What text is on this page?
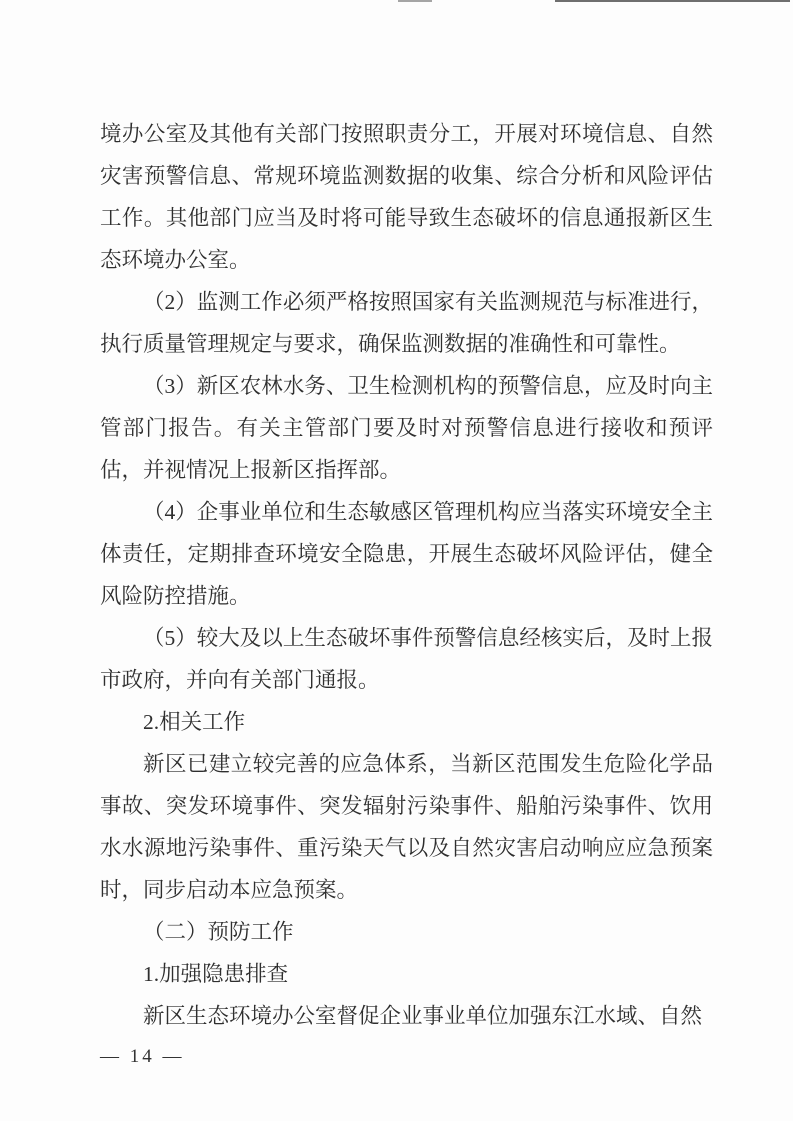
境办公室及其他有关部门按照职责分工，开展对环境信息、自然灾害预警信息、常规环境监测数据的收集、综合分析和风险评估工作。其他部门应当及时将可能导致生态破坏的信息通报新区生态环境办公室。

（2）监测工作必须严格按照国家有关监测规范与标准进行，执行质量管理规定与要求，确保监测数据的准确性和可靠性。

（3）新区农林水务、卫生检测机构的预警信息，应及时向主管部门报告。有关主管部门要及时对预警信息进行接收和预评估，并视情况上报新区指挥部。

（4）企事业单位和生态敏感区管理机构应当落实环境安全主体责任，定期排查环境安全隐患，开展生态破坏风险评估，健全风险防控措施。

（5）较大及以上生态破坏事件预警信息经核实后，及时上报市政府，并向有关部门通报。

2.相关工作

新区已建立较完善的应急体系，当新区范围发生危险化学品事故、突发环境事件、突发辐射污染事件、船舶污染事件、饮用水水源地污染事件、重污染天气以及自然灾害启动响应应急预案时，同步启动本应急预案。

（二）预防工作

1.加强隐患排查

新区生态环境办公室督促企业事业单位加强东江水域、自然

— 14 —
